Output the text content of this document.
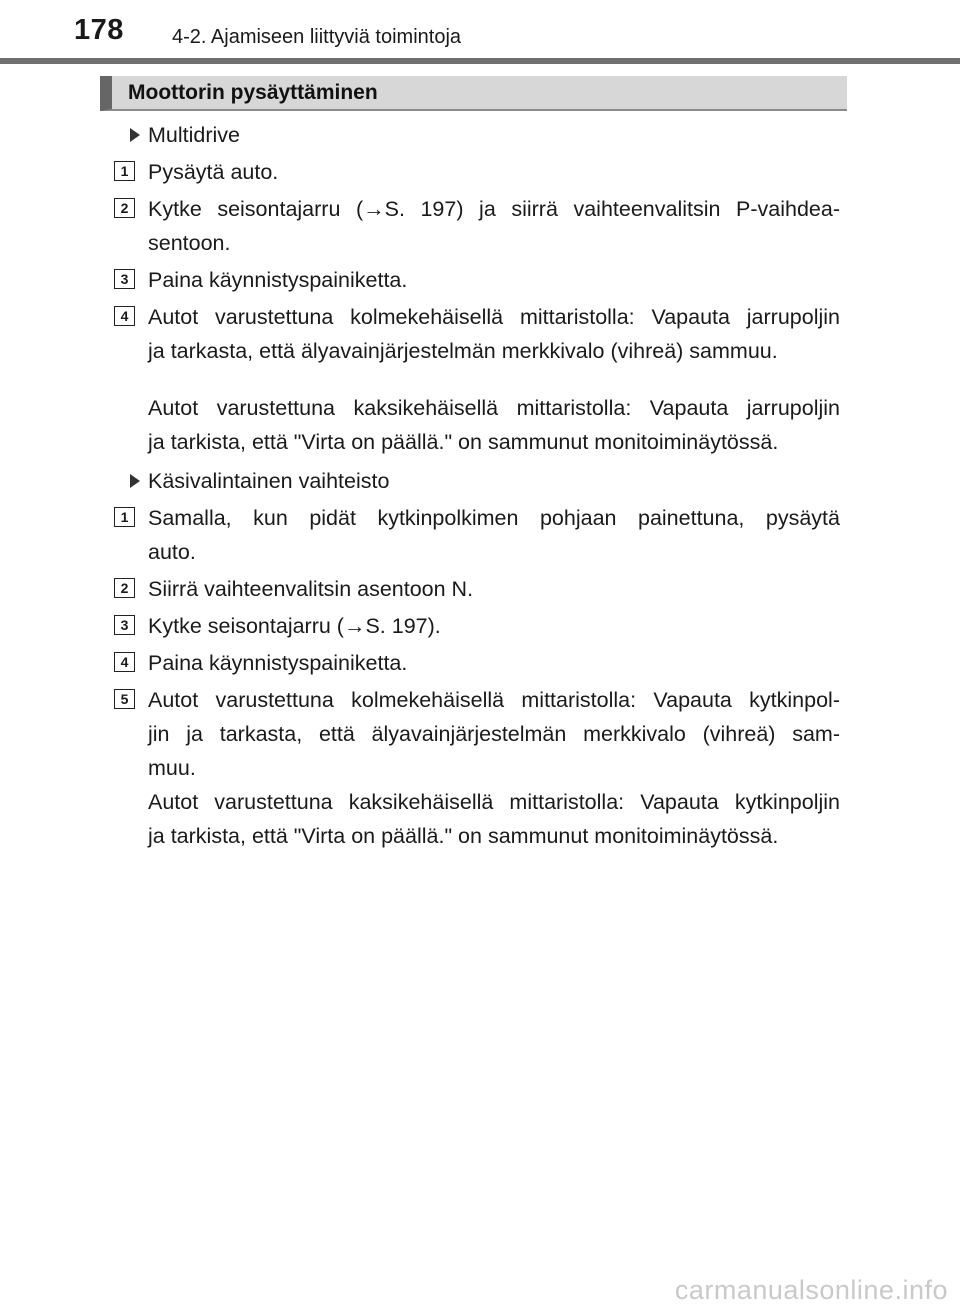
178 4-2. Ajamiseen liittyviä toimintoja
Moottorin pysäyttäminen
Multidrive
1 Pysäytä auto.
2 Kytke seisontajarru (→S. 197) ja siirrä vaihteenvalitsin P-vaihdea-
sentoon.
3 Paina käynnistyspainiketta.
4 Autot varustettuna kolmekehäisellä mittaristolla: Vapauta jarrupoljin
ja tarkasta, että älyavainjärjestelmän merkkivalo (vihreä) sammuu.
Autot varustettuna kaksikehäisellä mittaristolla: Vapauta jarrupoljin
ja tarkista, että "Virta on päällä." on sammunut monitoiminäytössä.
Käsivalintainen vaihteisto
1 Samalla, kun pidät kytkinpolkimen pohjaan painettuna, pysäytä
auto.
2 Siirrä vaihteenvalitsin asentoon N.
3 Kytke seisontajarru (→S. 197).
4 Paina käynnistyspainiketta.
5 Autot varustettuna kolmekehäisellä mittaristolla: Vapauta kytkinpol-
jin ja tarkasta, että älyavainjärjestelmän merkkivalo (vihreä) sam-
muu.
Autot varustettuna kaksikehäisellä mittaristolla: Vapauta kytkinpoljin
ja tarkista, että "Virta on päällä." on sammunut monitoiminäytössä.
carmanualsonline.info
